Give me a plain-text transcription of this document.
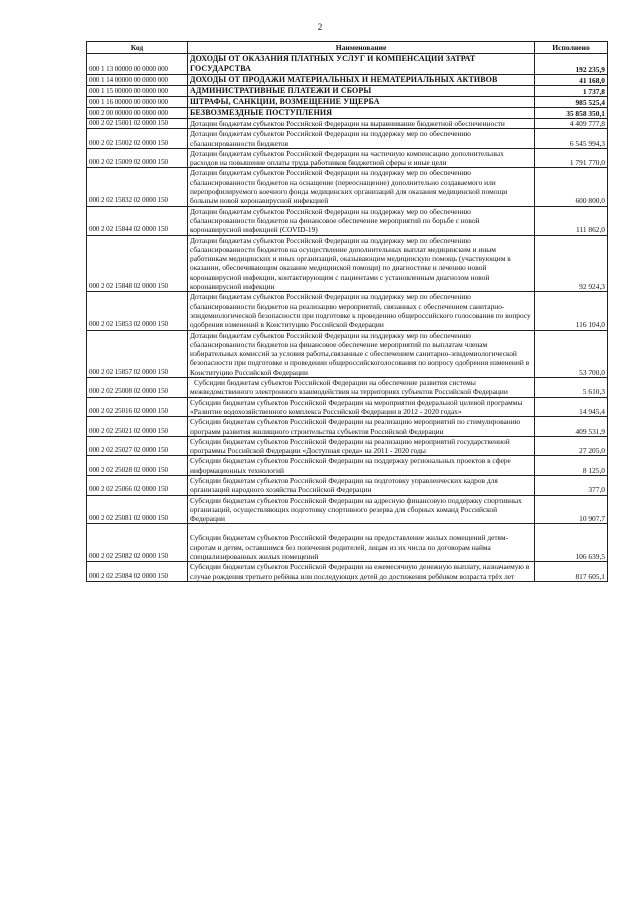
2
Код	Наименование	Исполнено
000 1 13 00000 00 0000 000	ДОХОДЫ ОТ ОКАЗАНИЯ ПЛАТНЫХ УСЛУГ И КОМПЕНСАЦИИ ЗАТРАТ ГОСУДАРСТВА	192 235,9
000 1 14 00000 00 0000 000	ДОХОДЫ ОТ ПРОДАЖИ МАТЕРИАЛЬНЫХ И НЕМАТЕРИАЛЬНЫХ АКТИВОВ	41 168,0
000 1 15 00000 00 0000 000	АДМИНИСТРАТИВНЫЕ ПЛАТЕЖИ И СБОРЫ	1 737,8
000 1 16 00000 00 0000 000	ШТРАФЫ, САНКЦИИ, ВОЗМЕЩЕНИЕ УЩЕРБА	985 525,4
000 2 00 00000 00 0000 000	БЕЗВОЗМЕЗДНЫЕ ПОСТУПЛЕНИЯ	35 858 350,1
000 2 02 15001 02 0000 150	Дотации бюджетам субъектов Российской Федерации на выравнивание бюджетной обеспеченности	4 409 777,8
000 2 02 15002 02 0000 150	Дотации бюджетам субъектов Российской Федерации на поддержку мер по обеспечению сбалансированности бюджетов	6 545 994,3
000 2 02 15009 02 0000 150	Дотации бюджетам субъектов Российской Федерации на частичную компенсацию дополнительных расходов на повышение оплаты труда работников бюджетной сферы и иные цели	1 791 770,0
000 2 02 15832 02 0000 150	Дотации бюджетам субъектов Российской Федерации на поддержку мер по обеспечению сбалансированности бюджетов на оснащение (переоснащение) дополнительно создаваемого или перепрофилируемого коечного фонда медицинских организаций для оказания медицинской помощи больным новой коронавирусной инфекцией	600 800,0
000 2 02 15844 02 0000 150	Дотации бюджетам субъектов Российской Федерации на поддержку мер по обеспечению сбалансированности бюджетов на финансовое обеспечение мероприятий по борьбе с новой коронавирусной инфекцией (COVID-19)	111 862,0
000 2 02 15848 02 0000 150	Дотации бюджетам субъектов Российской Федерации на поддержку мер по обеспечению сбалансированности бюджетов на осуществление дополнительных выплат медицинским и иным работникам медицинских и иных организаций, оказывающим медицинскую помощь (участвующим в оказании, обеспечивающим оказание медицинской помощи) по диагностике и лечению новой коронавирусной инфекции, контактирующим с пациентами с установленным диагнозом новой коронавирусной инфекции	92 924,3
000 2 02 15853 02 0000 150	Дотации бюджетам субъектов Российской Федерации на поддержку мер по обеспечению сбалансированности бюджетов на реализацию мероприятий, связанных с обеспечением санитарно-эпидемиологической безопасности при подготовке к проведению общероссийского голосования по вопросу одобрения изменений в Конституцию Российской Федерации	116 104,0
000 2 02 15857 02 0000 150	Дотации бюджетам субъектов Российской Федерации на поддержку мер по обеспечению сбалансированности бюджетов на финансовое обеспечение мероприятий по выплатам членам избирательных комиссий за условия работы,связанные с обеспечением санитарно-эпидемиологической безопасности при подготовке и проведении общероссийскоголосования по вопросу одобрения изменений в Конституцию Российской Федерации	53 700,0
000 2 02 25008 02 0000 150	Субсидии бюджетам субъектов Российской Федерации на обеспечение развития системы межведомственного электронного взаимодействия на территориях субъектов Российской Федерации	5 610,3
000 2 02 25016 02 0000 150	Субсидии бюджетам субъектов Российской Федерации на мероприятия федеральной целевой программы «Развитие водохозяйственного комплекса Российской Федерации в 2012 - 2020 годах»	14 945,4
000 2 02 25021 02 0000 150	Субсидии бюджетам субъектов Российской Федерации на реализацию мероприятий по стимулированию программ развития жилищного строительства субъектов Российской Федерации	409 531,9
000 2 02 25027 02 0000 150	Субсидии бюджетам субъектов Российской Федерации на реализацию мероприятий государственной программы Российской Федерации «Доступная среда» на 2011 - 2020 годы	27 205,0
000 2 02 25028 02 0000 150	Субсидии бюджетам субъектов Российской Федерации на поддержку региональных проектов в сфере информационных технологий	8 125,0
000 2 02 25066 02 0000 150	Субсидии бюджетам субъектов Российской Федерации на подготовку управленческих кадров для организаций народного хозяйства Российской Федерации	377,0
000 2 02 25081 02 0000 150	Субсидии бюджетам субъектов Российской Федерации на адресную финансовую поддержку спортивных организаций, осуществляющих подготовку спортивного резерва для сборных команд Российской Федерации	10 907,7
000 2 02 25082 02 0000 150	Субсидии бюджетам субъектов Российской Федерации на предоставление жилых помещений детям-сиротам и детям, оставшимся без попечения родителей, лицам из их числа по договорам найма специализированных жилых помещений	106 639,5
000 2 02 25084 02 0000 150	Субсидии бюджетам субъектов Российской Федерации на ежемесячную денежную выплату, назначаемую в случае рождения третьего ребёнка или последующих детей до достижения ребёнком возраста трёх лет	817 605,1
